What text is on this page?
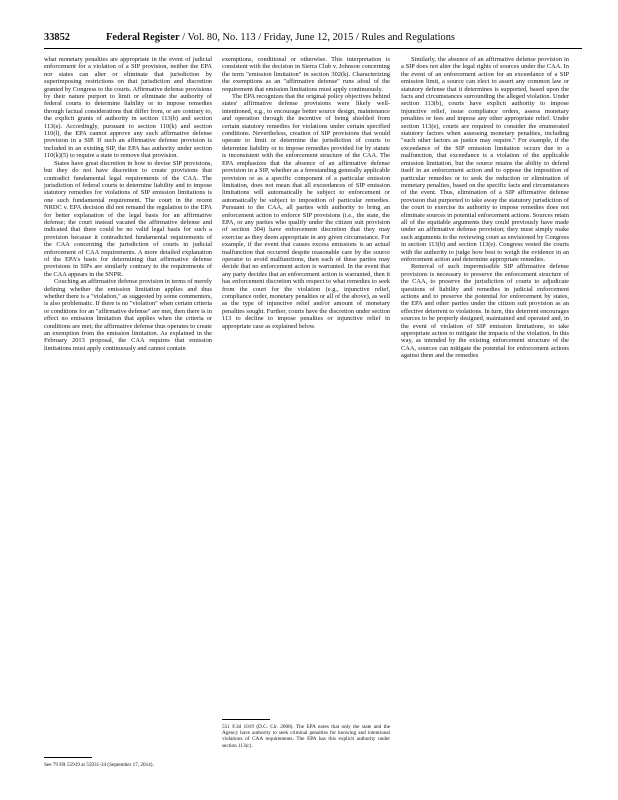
33852	Federal Register / Vol. 80, No. 113 / Friday, June 12, 2015 / Rules and Regulations

what monetary penalties are appropriate in the event of judicial enforcement for a violation of a SIP provision, neither the EPA nor states can alter or eliminate that jurisdiction by superimposing restrictions on that jurisdiction and discretion granted by Congress to the courts. Affirmative defense provisions by their nature purport to limit or eliminate the authority of federal courts to determine liability or to impose remedies through factual considerations that differ from, or are contrary to, the explicit grants of authority in section 113(b) and section 113(e). Accordingly, pursuant to section 110(k) and section 110(l), the EPA cannot approve any such affirmative defense provision in a SIP. If such an affirmative defense provision is included in an existing SIP, the EPA has authority under section 110(k)(5) to require a state to remove that provision.

States have great discretion in how to devise SIP provisions, but they do not have discretion to create provisions that contradict fundamental legal requirements of the CAA. The jurisdiction of federal courts to determine liability and to impose statutory remedies for violations of SIP emission limitations is one such fundamental requirement. The court in the recent NRDC v. EPA decision did not remand the regulation to the EPA for better explanation of the legal basis for an affirmative defense; the court instead vacated the affirmative defense and indicated that there could be no valid legal basis for such a provision because it contradicted fundamental requirements of the CAA concerning the jurisdiction of courts in judicial enforcement of CAA requirements. A more detailed explanation of the EPA's basis for determining that affirmative defense provisions in SIPs are similarly contrary to the requirements of the CAA appears in the SNPR.

Couching an affirmative defense provision in terms of merely defining whether the emission limitation applies and thus whether there is a "violation," as suggested by some commenters, is also problematic. If there is no "violation" when certain criteria or conditions for an "affirmative defense" are met, then there is in effect no emission limitation that applies when the criteria or conditions are met; the affirmative defense thus operates to create an exemption from the emission limitation. As explained in the February 2013 proposal, the CAA requires that emission limitations must apply continuously and cannot contain

exemptions, conditional or otherwise. This interpretation is consistent with the decision in Sierra Club v. Johnson concerning the term "emission limitation" in section 302(k). Characterizing the exemptions as an "affirmative defense" runs afoul of the requirement that emission limitations must apply continuously.

The EPA recognizes that the original policy objectives behind states' affirmative defense provisions were likely well-intentioned, e.g., to encourage better source design, maintenance and operation through the incentive of being shielded from certain statutory remedies for violations under certain specified conditions. Nevertheless, creation of SIP provisions that would operate to limit or determine the jurisdiction of courts to determine liability or to impose remedies provided for by statute is inconsistent with the enforcement structure of the CAA. The EPA emphasizes that the absence of an affirmative defense provision in a SIP, whether as a freestanding generally applicable provision or as a specific component of a particular emission limitation, does not mean that all exceedances of SIP emission limitations will automatically be subject to enforcement or automatically be subject to imposition of particular remedies. Pursuant to the CAA, all parties with authority to bring an enforcement action to enforce SIP provisions (i.e., the state, the EPA, or any parties who qualify under the citizen suit provision of section 304) have enforcement discretion that they may exercise as they deem appropriate in any given circumstance. For example, if the event that causes excess emissions is an actual malfunction that occurred despite reasonable care by the source operator to avoid malfunctions, then each of these parties may decide that no enforcement action is warranted. In the event that any party decides that an enforcement action is warranted, then it has enforcement discretion with respect to what remedies to seek from the court for the violation (e.g., injunctive relief, compliance order, monetary penalties or all of the above), as well as the type of injunctive relief and/or amount of monetary penalties sought. Further, courts have the discretion under section 113 to decline to impose penalties or injunctive relief in appropriate case as explained below.

Similarly, the absence of an affirmative defense provision in a SIP does not alter the legal rights of sources under the CAA. In the event of an enforcement action for an exceedance of a SIP emission limit, a source can elect to assert any common law or statutory defense that it determines is supported, based upon the facts and circumstances surrounding the alleged violation. Under section 113(b), courts have explicit authority to impose injunctive relief, issue compliance orders, assess monetary penalties or fees and impose any other appropriate relief. Under section 113(e), courts are required to consider the enumerated statutory factors when assessing monetary penalties, including "such other factors as justice may require." For example, if the exceedance of the SIP emission limitation occurs due to a malfunction, that exceedance is a violation of the applicable emission limitation, but the source retains the ability to defend itself in an enforcement action and to oppose the imposition of particular remedies or to seek the reduction or elimination of monetary penalties, based on the specific facts and circumstances of the event. Thus, elimination of a SIP affirmative defense provision that purported to take away the statutory jurisdiction of the court to exercise its authority to impose remedies does not eliminate sources in potential enforcement actions. Sources retain all of the equitable arguments they could previously have made under an affirmative defense provision; they must simply make such arguments to the reviewing court as envisioned by Congress in section 113(b) and section 113(e). Congress vested the courts with the authority to judge how best to weigh the evidence in an enforcement action and determine appropriate remedies.

Removal of such impermissible SIP affirmative defense provisions is necessary to preserve the enforcement structure of the CAA, to preserve the jurisdiction of courts to adjudicate questions of liability and remedies in judicial enforcement actions and to preserve the potential for enforcement by states, the EPA and other parties under the citizen suit provision as an effective deterrent to violations. In turn, this deterrent encourages sources to be properly designed, maintained and operated and, in the event of violation of SIP emission limitations, to take appropriate action to mitigate the impacts of the violation. In this way, as intended by the existing enforcement structure of the CAA, sources can mitigate the potential for enforcement actions against them and the remedies

See 79 FR 55919 at 55931-34 (September 17, 2014).
551 F.3d 1019 (D.C. Cir. 2008). The EPA notes that only the state and the Agency have authority to seek criminal penalties for knowing and intentional violations of CAA requirements. The EPA has this explicit authority under section 113(c).
